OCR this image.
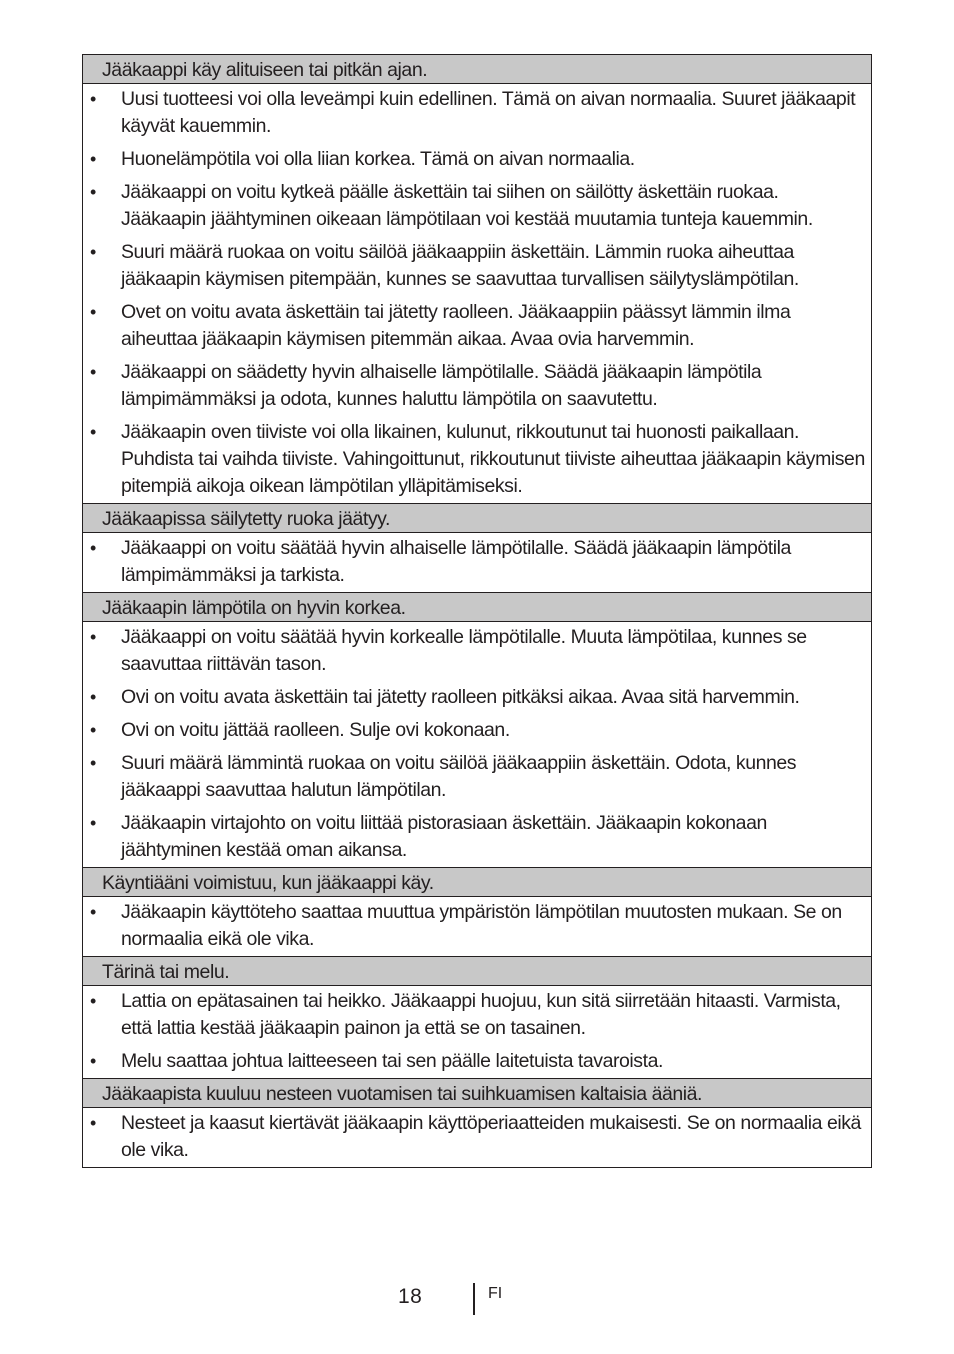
Jääkaappi käy alituiseen tai pitkän ajan.
• Uusi tuotteesi voi olla leveämpi kuin edellinen. Tämä on aivan normaalia. Suuret jääkaapit käyvät kauemmin.
• Huonelämpötila voi olla liian korkea. Tämä on aivan normaalia.
• Jääkaappi on voitu kytkeä päälle äskettäin tai siihen on säilötty äskettäin ruokaa. Jääkaapin jäähtyminen oikeaan lämpötilaan voi kestää muutamia tunteja kauemmin.
• Suuri määrä ruokaa on voitu säilöä jääkaappiin äskettäin. Lämmin ruoka aiheuttaa jääkaapin käymisen pitempään, kunnes se saavuttaa turvallisen säilytyslämpötilan.
• Ovet on voitu avata äskettäin tai jätetty raolleen. Jääkaappiin päässyt lämmin ilma aiheuttaa jääkaapin käymisen pitemmän aikaa. Avaa ovia harvemmin.
• Jääkaappi on säädetty hyvin alhaiselle lämpötilalle. Säädä jääkaapin lämpötila lämpimämmäksi ja odota, kunnes haluttu lämpötila on saavutettu.
• Jääkaapin oven tiiviste voi olla likainen, kulunut, rikkoutunut tai huonosti paikallaan. Puhdista tai vaihda tiiviste. Vahingoittunut, rikkoutunut tiiviste aiheuttaa jääkaapin käymisen pitempiä aikoja oikean lämpötilan ylläpitämiseksi.
Jääkaapissa säilytetty ruoka jäätyy.
• Jääkaappi on voitu säätää hyvin alhaiselle lämpötilalle. Säädä jääkaapin lämpötila lämpimämmäksi ja tarkista.
Jääkaapin lämpötila on hyvin korkea.
• Jääkaappi on voitu säätää hyvin korkealle lämpötilalle. Muuta lämpötilaa, kunnes se saavuttaa riittävän tason.
• Ovi on voitu avata äskettäin tai jätetty raolleen pitkäksi aikaa. Avaa sitä harvemmin.
• Ovi on voitu jättää raolleen. Sulje ovi kokonaan.
• Suuri määrä lämmintä ruokaa on voitu säilöä jääkaappiin äskettäin. Odota, kunnes jääkaappi saavuttaa halutun lämpötilan.
• Jääkaapin virtajohto on voitu liittää pistorasiaan äskettäin. Jääkaapin kokonaan jäähtyminen kestää oman aikansa.
Käyntiääni voimistuu, kun jääkaappi käy.
• Jääkaapin käyttöteho saattaa muuttua ympäristön lämpötilan muutosten mukaan. Se on normaalia eikä ole vika.
Tärinä tai melu.
• Lattia on epätasainen tai heikko. Jääkaappi huojuu, kun sitä siirretään hitaasti. Varmista, että lattia kestää jääkaapin painon ja että se on tasainen.
• Melu saattaa johtua laitteeseen tai sen päälle laitetuista tavaroista.
Jääkaapista kuuluu nesteen vuotamisen tai suihkuamisen kaltaisia ääniä.
• Nesteet ja kaasut kiertävät jääkaapin käyttöperiaatteiden mukaisesti. Se on normaalia eikä ole vika.
18	FI
